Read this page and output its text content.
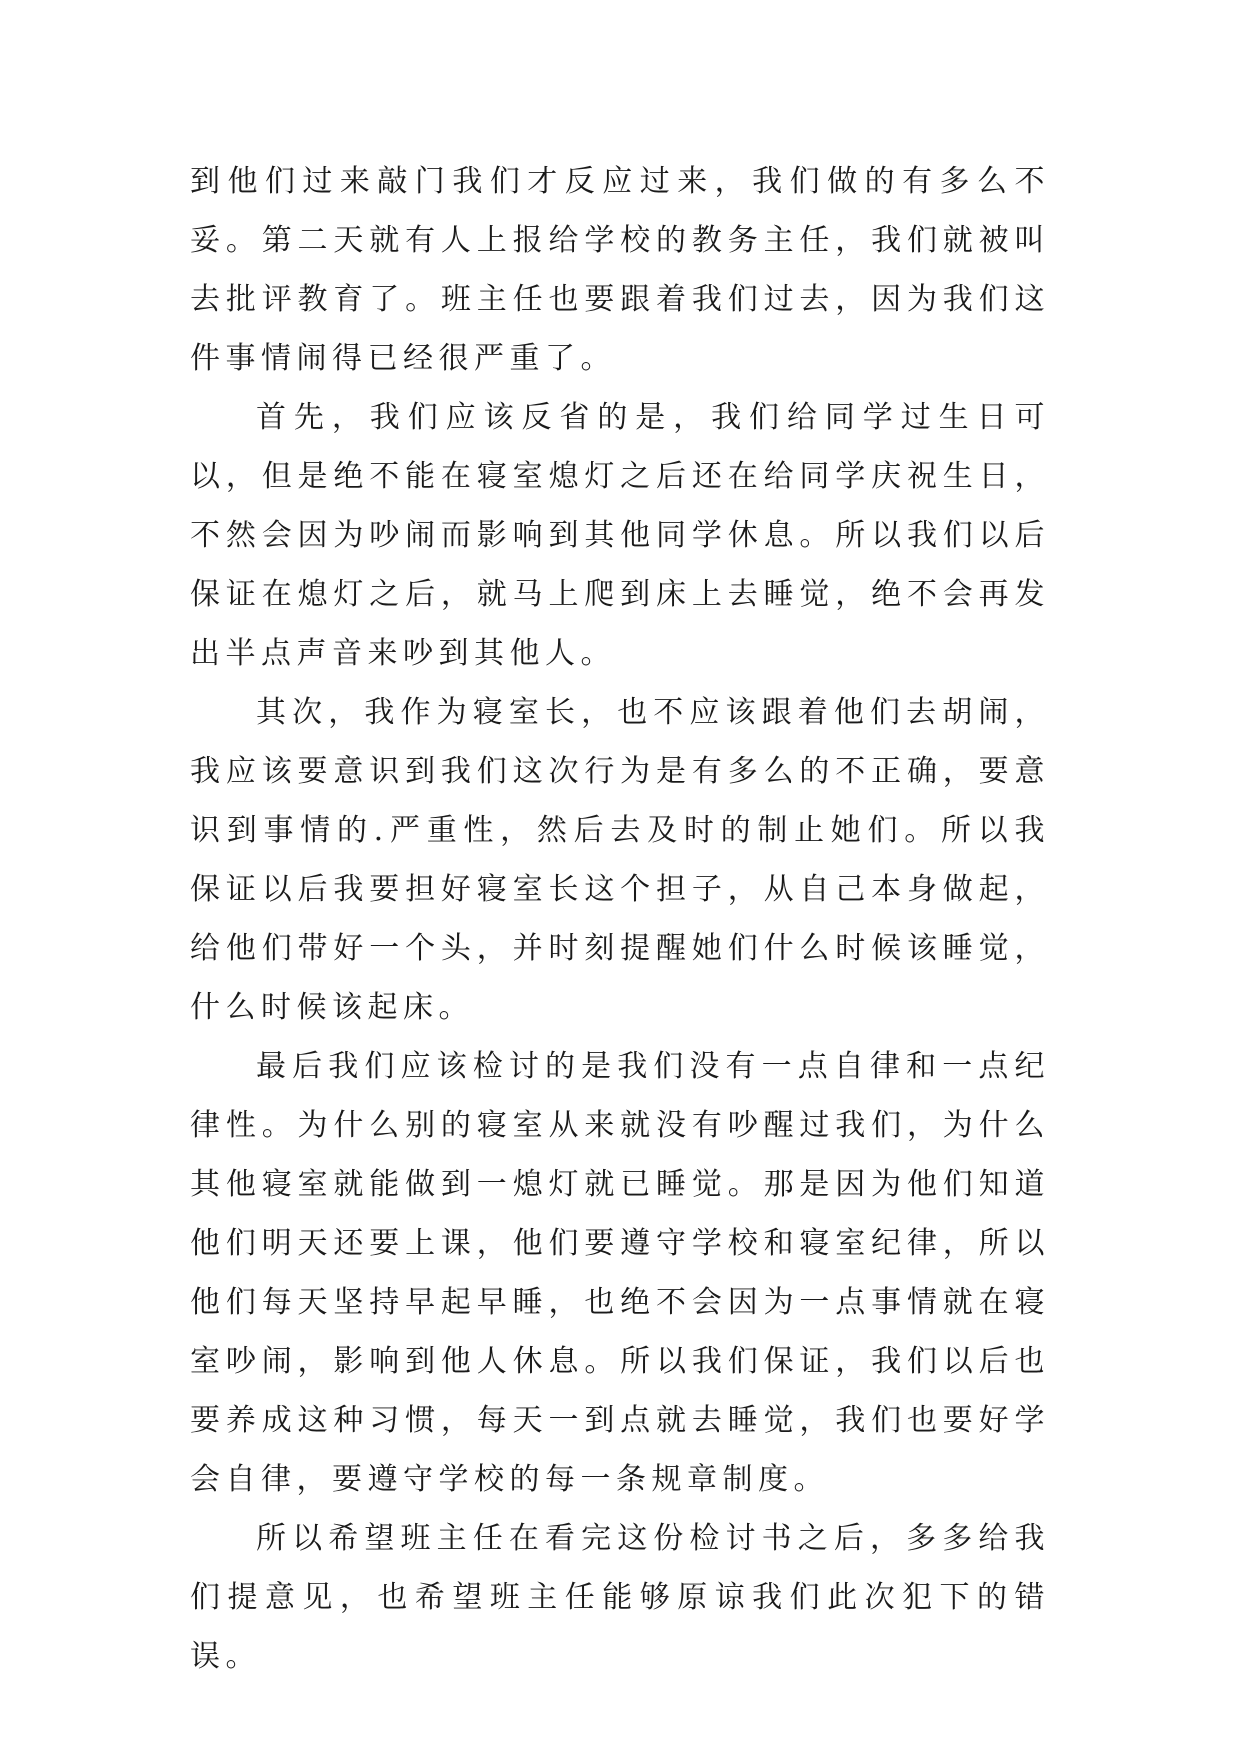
到他们过来敲门我们才反应过来，我们做的有多么不妥。第二天就有人上报给学校的教务主任，我们就被叫去批评教育了。班主任也要跟着我们过去，因为我们这件事情闹得已经很严重了。

首先，我们应该反省的是，我们给同学过生日可以，但是绝不能在寝室熄灯之后还在给同学庆祝生日，不然会因为吵闹而影响到其他同学休息。所以我们以后保证在熄灯之后，就马上爬到床上去睡觉，绝不会再发出半点声音来吵到其他人。

其次，我作为寝室长，也不应该跟着他们去胡闹，我应该要意识到我们这次行为是有多么的不正确，要意识到事情的.严重性，然后去及时的制止她们。所以我保证以后我要担好寝室长这个担子，从自己本身做起，给他们带好一个头，并时刻提醒她们什么时候该睡觉，什么时候该起床。

最后我们应该检讨的是我们没有一点自律和一点纪律性。为什么别的寝室从来就没有吵醒过我们，为什么其他寝室就能做到一熄灯就已睡觉。那是因为他们知道他们明天还要上课，他们要遵守学校和寝室纪律，所以他们每天坚持早起早睡，也绝不会因为一点事情就在寝室吵闹，影响到他人休息。所以我们保证，我们以后也要养成这种习惯，每天一到点就去睡觉，我们也要好学会自律，要遵守学校的每一条规章制度。

所以希望班主任在看完这份检讨书之后，多多给我们提意见，也希望班主任能够原谅我们此次犯下的错误。
